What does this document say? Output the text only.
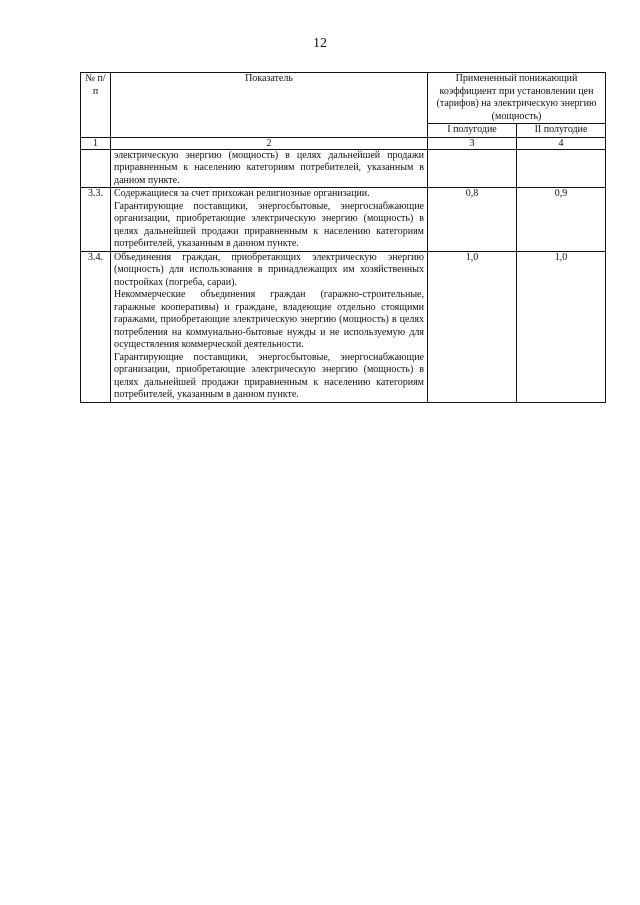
12
№ п/п	Показатель	Примененный понижающий коэффициент при установлении цен (тарифов) на электрическую энергию (мощность)	
		I полугодие	II полугодие
1	2	3	4

	электрическую энергию (мощность) в целях дальнейшей продажи приравненным к населению категориям потребителей, указанным в данном пункте.		

3.3.	Содержащиеся за счет прихожан религиозные организации.

Гарантирующие поставщики, энергосбытовые, энергоснабжающие организации, приобретающие электрическую энергию (мощность) в целях дальнейшей продажи приравненным к населению категориям потребителей, указанным в данном пункте.	0,8	0,9
3.4.	Объединения граждан, приобретающих электрическую энергию (мощность) для использования в принадлежащих им хозяйственных постройках (погреба, сараи).

Некоммерческие объединения граждан (гаражно-строительные, гаражные кооперативы) и граждане, владеющие отдельно стоящими гаражами, приобретающие электрическую энергию (мощность) в целях потребления на коммунально-бытовые нужды и не используемую для осуществления коммерческой деятельности.

Гарантирующие поставщики, энергосбытовые, энергоснабжающие организации, приобретающие электрическую энергию (мощность) в целях дальнейшей продажи приравненным к населению категориям потребителей, указанным в данном пункте.	1,0	1,0
